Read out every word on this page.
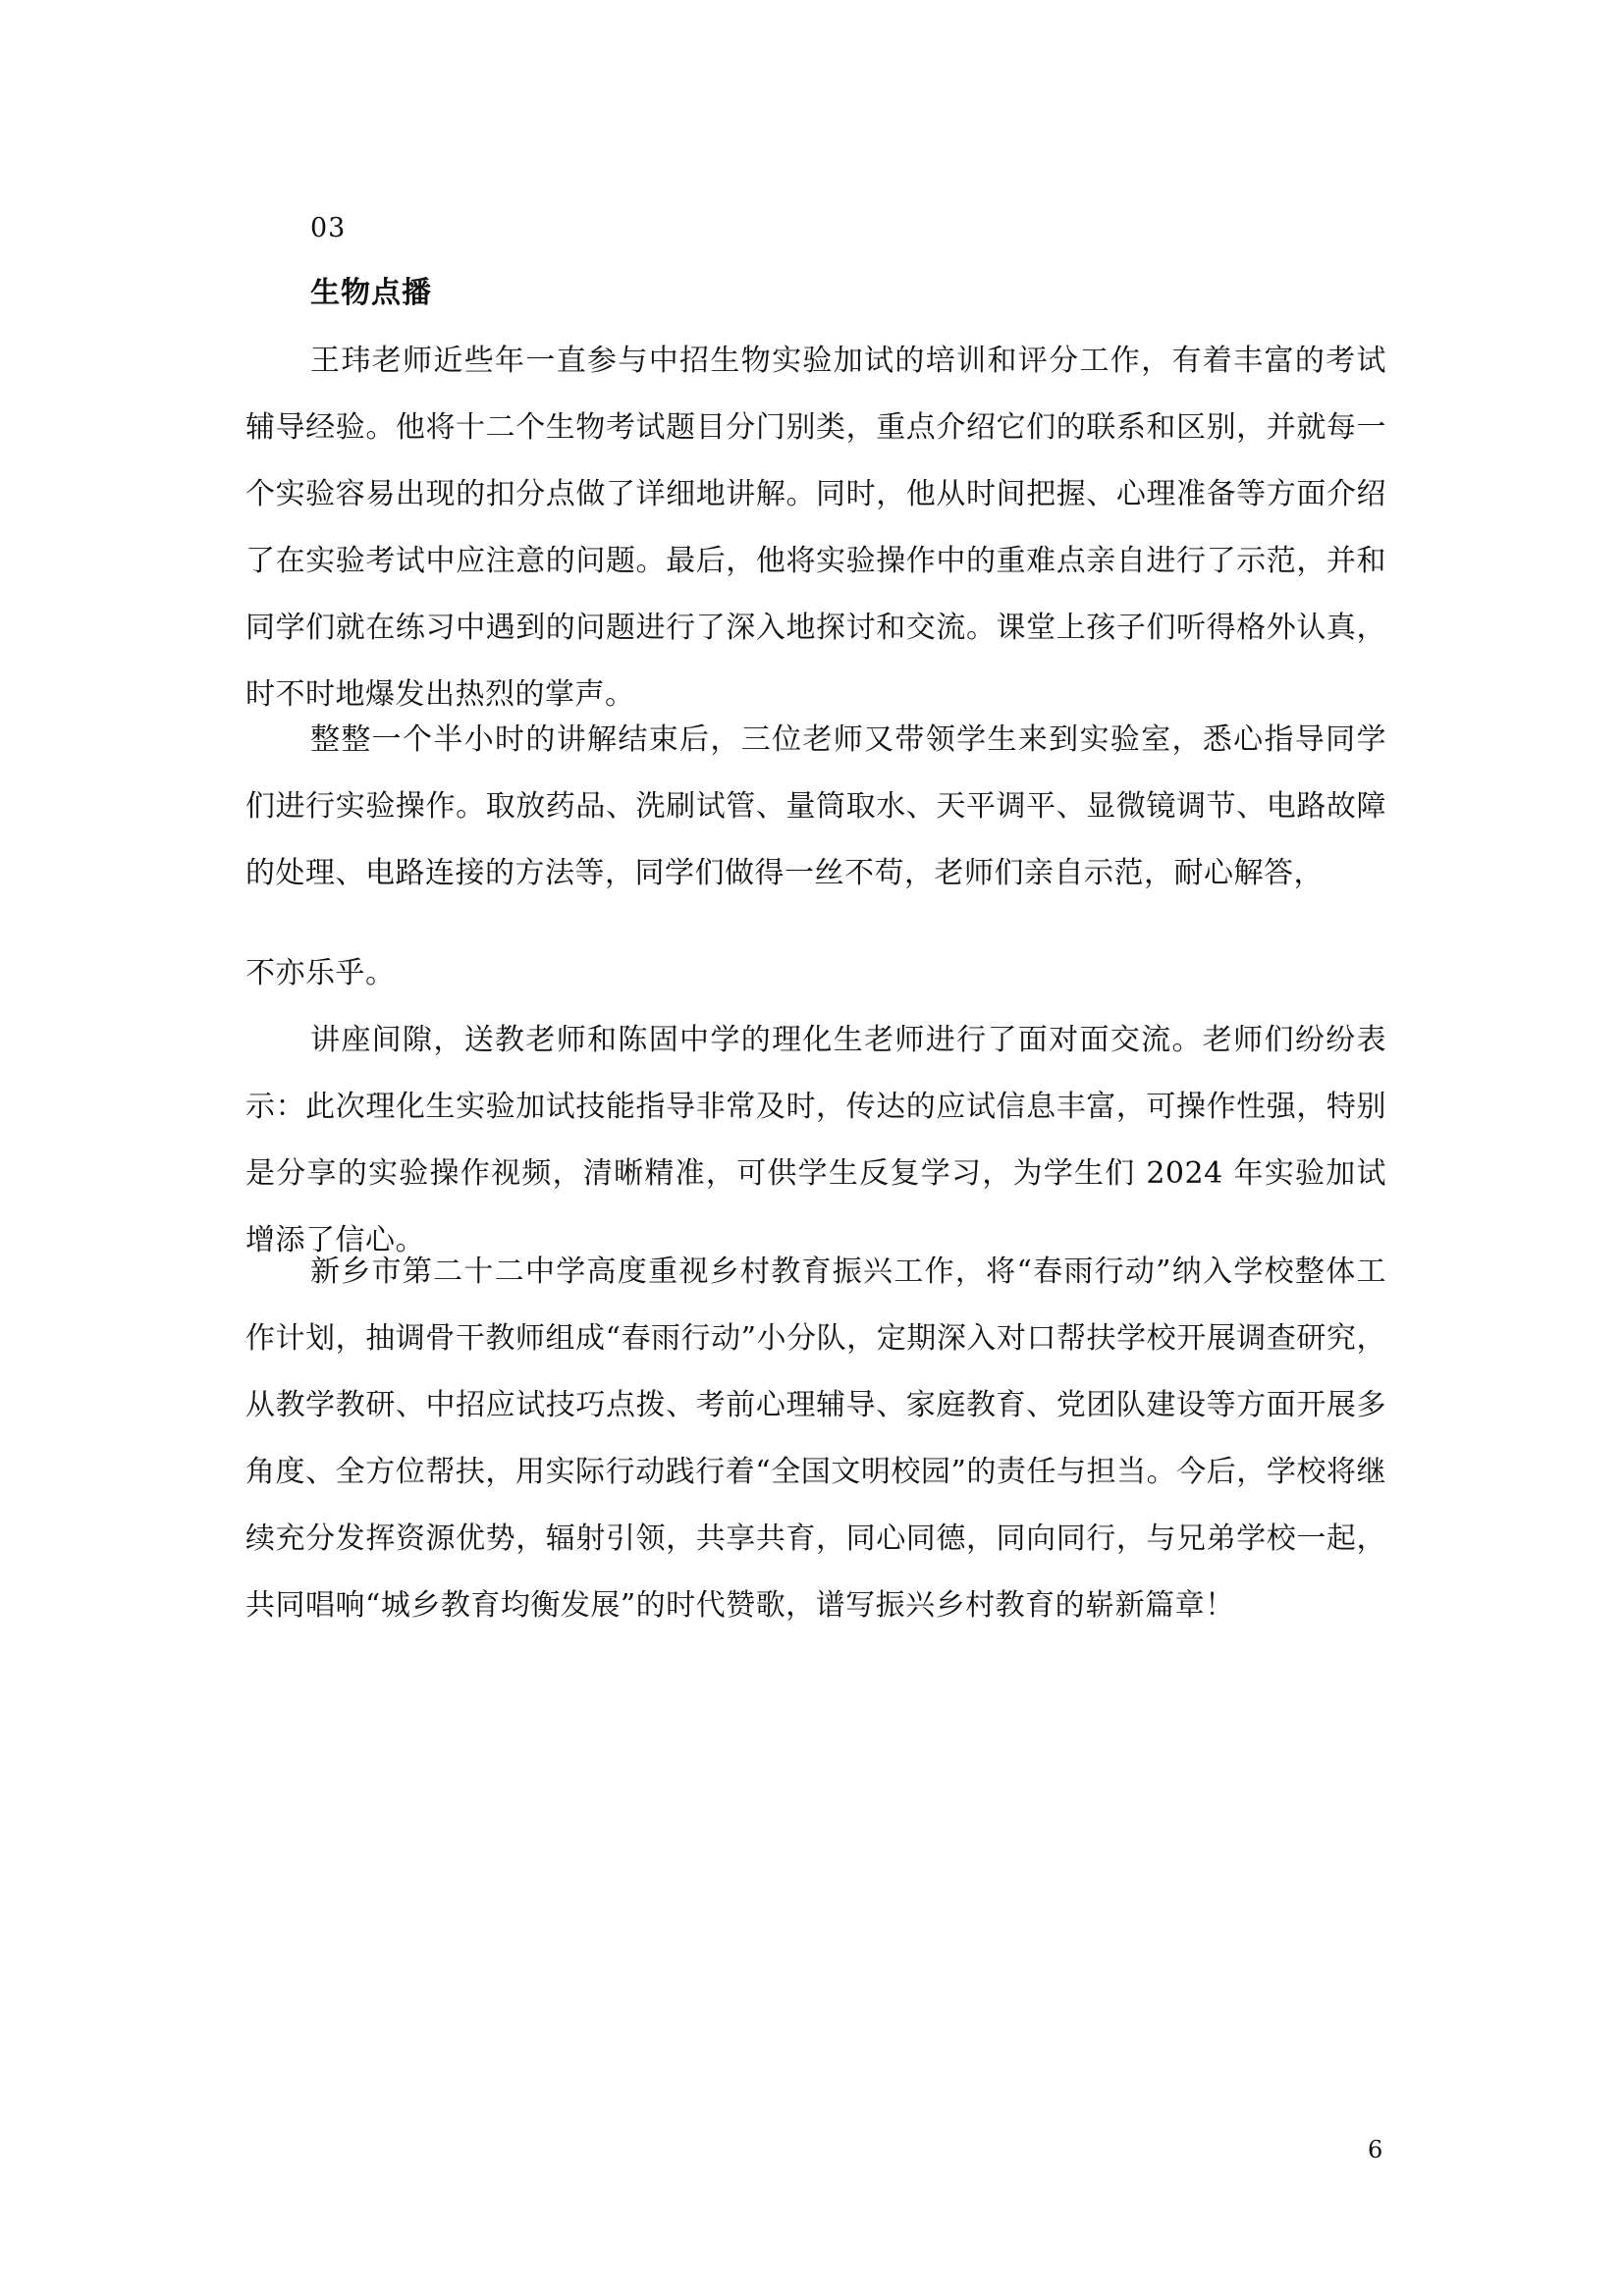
03
生物点播

王玮老师近些年一直参与中招生物实验加试的培训和评分工作，有着丰富的考试辅导经验。他将十二个生物考试题目分门别类，重点介绍它们的联系和区别，并就每一个实验容易出现的扣分点做了详细地讲解。同时，他从时间把握、心理准备等方面介绍了在实验考试中应注意的问题。最后，他将实验操作中的重难点亲自进行了示范，并和同学们就在练习中遇到的问题进行了深入地探讨和交流。课堂上孩子们听得格外认真，时不时地爆发出热烈的掌声。

整整一个半小时的讲解结束后，三位老师又带领学生来到实验室，悉心指导同学们进行实验操作。取放药品、洗刷试管、量筒取水、天平调平、显微镜调节、电路故障的处理、电路连接的方法等，同学们做得一丝不苟，老师们亲自示范，耐心解答，

不亦乐乎。

讲座间隙，送教老师和陈固中学的理化生老师进行了面对面交流。老师们纷纷表示：此次理化生实验加试技能指导非常及时，传达的应试信息丰富，可操作性强，特别是分享的实验操作视频，清晰精准，可供学生反复学习，为学生们 2024 年实验加试增添了信心。

新乡市第二十二中学高度重视乡村教育振兴工作，将“春雨行动”纳入学校整体工作计划，抽调骨干教师组成“春雨行动”小分队，定期深入对口帮扶学校开展调查研究，从教学教研、中招应试技巧点拨、考前心理辅导、家庭教育、党团队建设等方面开展多角度、全方位帮扶，用实际行动践行着“全国文明校园”的责任与担当。今后，学校将继续充分发挥资源优势，辐射引领，共享共育，同心同德，同向同行，与兄弟学校一起，共同唱响“城乡教育均衡发展”的时代赞歌，谱写振兴乡村教育的崭新篇章！

6
